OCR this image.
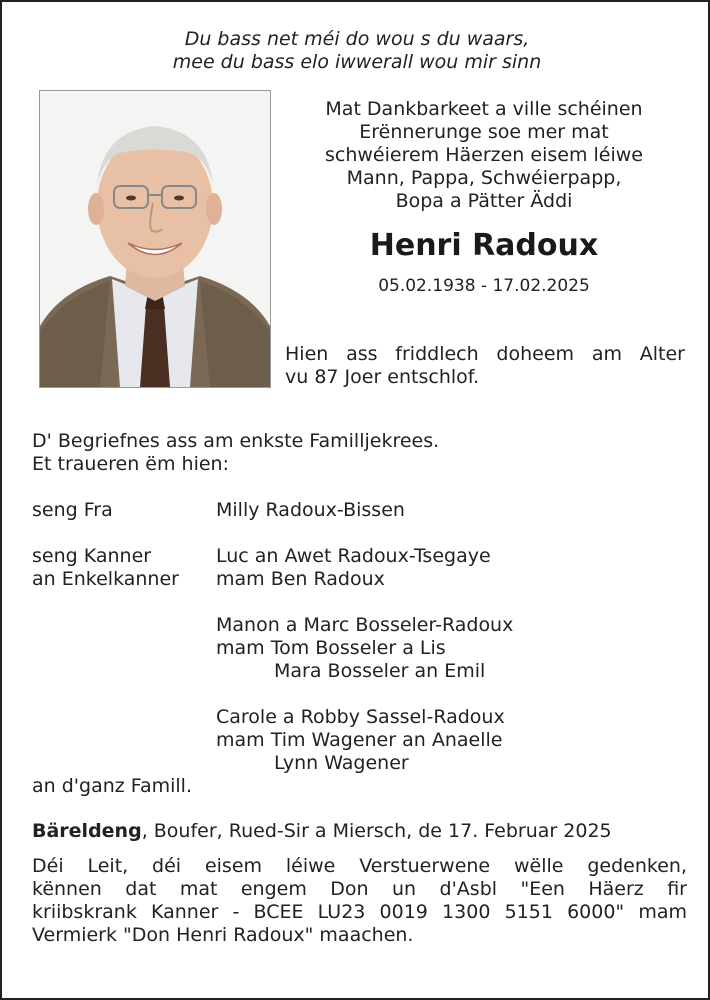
Du bass net méi do wou s du waars,
mee du bass elo iwwerall wou mir sinn
Mat Dankbarkeet a ville schéinen
Erënnerunge soe mer mat
schwéierem Häerzen eisem léiwe
Mann, Pappa, Schwéierpapp,
Bopa a Pätter Äddi
Henri Radoux
05.02.1938 - 17.02.2025
Hien ass friddlech doheem am Alter
vu 87 Joer entschlof.
D' Begriefnes ass am enkste Familljekrees.
Et traueren ëm hien:
seng Fra	Milly Radoux-Bissen
seng Kanner
an Enkelkanner
Luc an Awet Radoux-Tsegaye
mam Ben Radoux
Manon a Marc Bosseler-Radoux
mam Tom Bosseler a Lis
Mara Bosseler an Emil
Carole a Robby Sassel-Radoux
mam Tim Wagener an Anaelle
Lynn Wagener
an d'ganz Famill.
Bäreldeng, Boufer, Rued-Sir a Miersch, de 17. Februar 2025
Déi Leit, déi eisem léiwe Verstuerwene wëlle gedenken,
kënnen dat mat engem Don un d'Asbl "Een Häerz fir
kriibskrank Kanner - BCEE LU23 0019 1300 5151 6000" mam
Vermierk "Don Henri Radoux" maachen.
